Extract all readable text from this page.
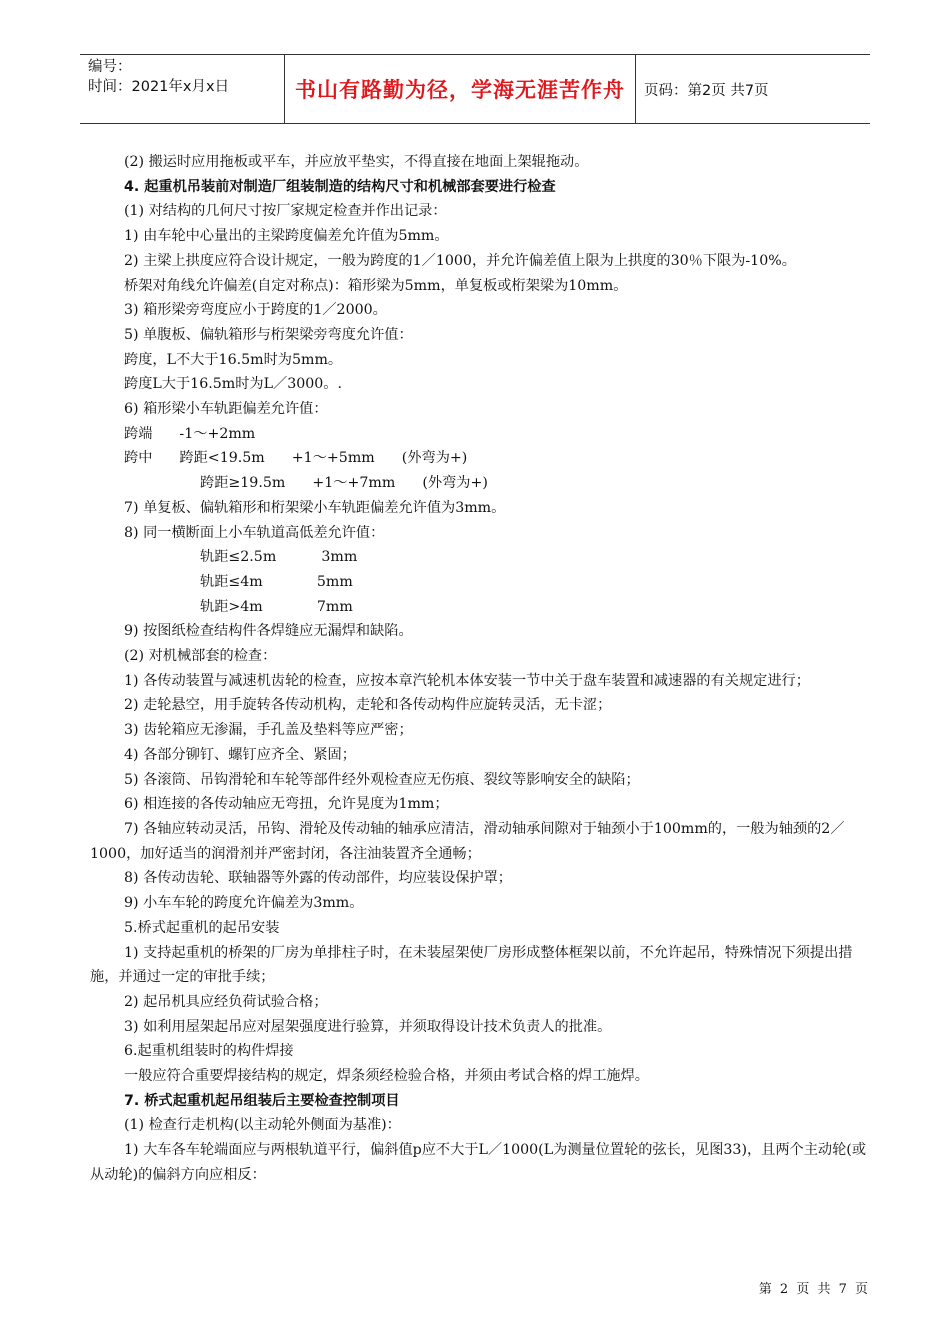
编号：
时间：2021年x月x日	书山有路勤为径，学海无涯苦作舟	页码：第2页 共7页
(2) 搬运时应用拖板或平车，并应放平垫实，不得直接在地面上架辊拖动。
4. 起重机吊装前对制造厂组装制造的结构尺寸和机械部套要进行检查
(1) 对结构的几何尺寸按厂家规定检查并作出记录：
1) 由车轮中心量出的主梁跨度偏差允许值为5mm。
2) 主梁上拱度应符合设计规定，一般为跨度的1／1000，并允许偏差值上限为上拱度的30％下限为-10%。
桥架对角线允许偏差(自定对称点)：箱形梁为5mm，单复板或桁架梁为10mm。
3) 箱形梁旁弯度应小于跨度的1／2000。
5) 单腹板、偏轨箱形与桁架梁旁弯度允许值：
跨度，L不大于16.5m时为5mm。
跨度L大于16.5m时为L／3000。.
6) 箱形梁小车轨距偏差允许值：
跨端      -1～+2mm
跨中      跨距<19.5m      +1～+5mm      (外弯为+)
跨距≥19.5m      +1～+7mm      (外弯为+)
7) 单复板、偏轨箱形和桁架梁小车轨距偏差允许值为3mm。
8) 同一横断面上小车轨道高低差允许值：
轨距≤2.5m          3mm
轨距≤4m            5mm
轨距>4m            7mm
9) 按图纸检查结构件各焊缝应无漏焊和缺陷。
(2) 对机械部套的检查：
1) 各传动装置与减速机齿轮的检查，应按本章汽轮机本体安装一节中关于盘车装置和减速器的有关规定进行；
2) 走轮悬空，用手旋转各传动机构，走轮和各传动构件应旋转灵活，无卡涩；
3) 齿轮箱应无渗漏，手孔盖及垫料等应严密；
4) 各部分铆钉、螺钉应齐全、紧固；
5) 各滚筒、吊钩滑轮和车轮等部件经外观检查应无伤痕、裂纹等影响安全的缺陷；
6) 相连接的各传动轴应无弯扭，允许晃度为1mm；
7) 各轴应转动灵活，吊钩、滑轮及传动轴的轴承应清洁，滑动轴承间隙对于轴颈小于100mm的，一般为轴颈的2／1000，加好适当的润滑剂并严密封闭，各注油装置齐全通畅；
8) 各传动齿轮、联轴器等外露的传动部件，均应装设保护罩；
9) 小车车轮的跨度允许偏差为3mm。
5.桥式起重机的起吊安装
1) 支持起重机的桥架的厂房为单排柱子时，在未装屋架使厂房形成整体框架以前，不允许起吊，特殊情况下须提出措施，并通过一定的审批手续；
2) 起吊机具应经负荷试验合格；
3) 如利用屋架起吊应对屋架强度进行验算，并须取得设计技术负责人的批准。
6.起重机组装时的构件焊接
一般应符合重要焊接结构的规定，焊条须经检验合格，并须由考试合格的焊工施焊。
7. 桥式起重机起吊组装后主要检查控制项目
(1) 检查行走机构(以主动轮外侧面为基准)：
1) 大车各车轮端面应与两根轨道平行，偏斜值p应不大于L／1000(L为测量位置轮的弦长，见图33)，且两个主动轮(或从动轮)的偏斜方向应相反：
第 2 页 共 7 页
